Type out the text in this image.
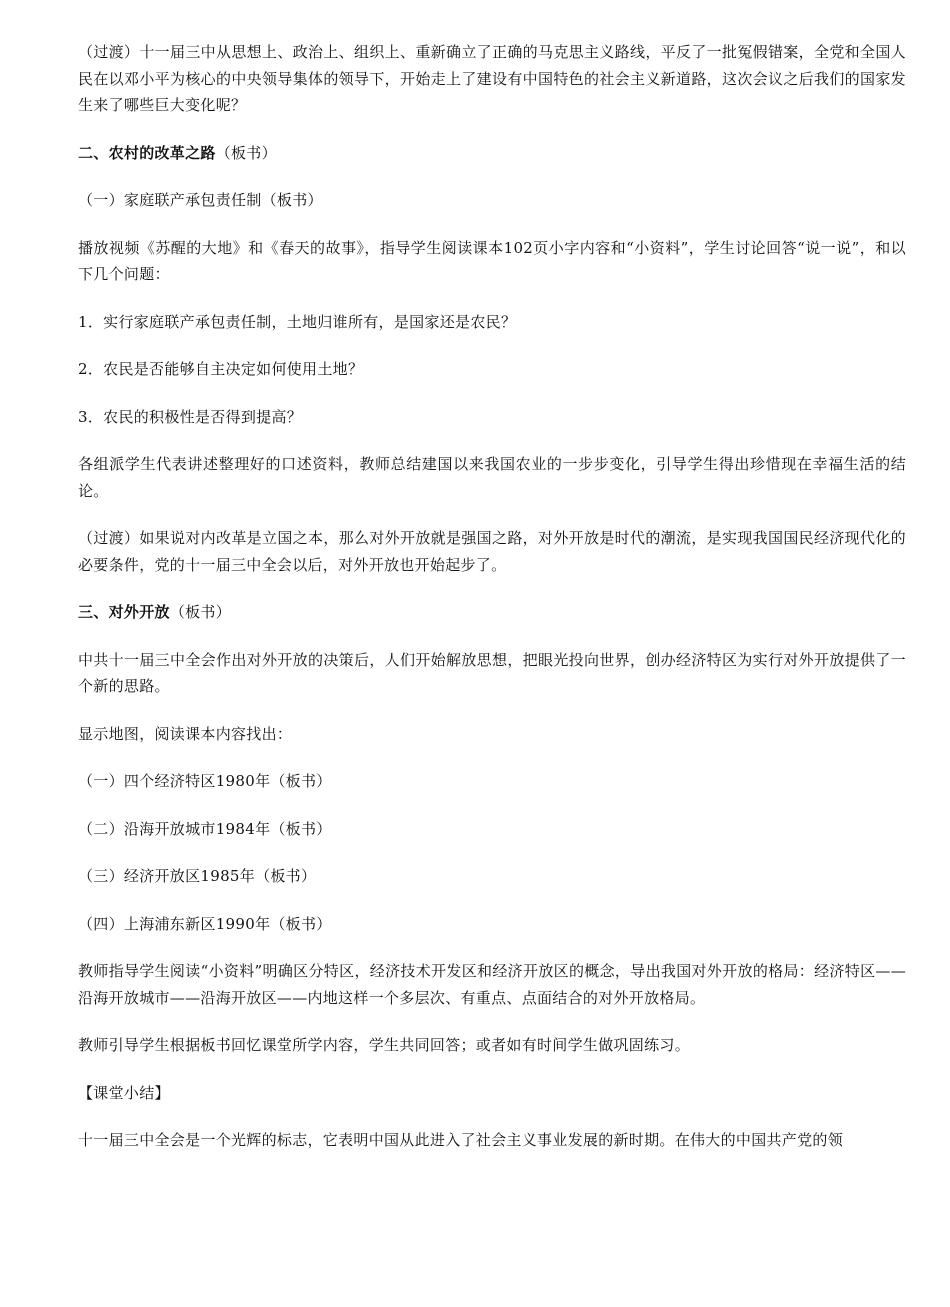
（过渡）十一届三中从思想上、政治上、组织上、重新确立了正确的马克思主义路线，平反了一批冤假错案，全党和全国人民在以邓小平为核心的中央领导集体的领导下，开始走上了建设有中国特色的社会主义新道路，这次会议之后我们的国家发生来了哪些巨大变化呢？

二、农村的改革之路（板书）

（一）家庭联产承包责任制（板书）

播放视频《苏醒的大地》和《春天的故事》，指导学生阅读课本102页小字内容和“小资料”，学生讨论回答“说一说”，和以下几个问题：

1．实行家庭联产承包责任制，土地归谁所有，是国家还是农民？

2．农民是否能够自主决定如何使用土地？

3．农民的积极性是否得到提高？

各组派学生代表讲述整理好的口述资料，教师总结建国以来我国农业的一步步变化，引导学生得出珍惜现在幸福生活的结论。

（过渡）如果说对内改革是立国之本，那么对外开放就是强国之路，对外开放是时代的潮流，是实现我国国民经济现代化的必要条件，党的十一届三中全会以后，对外开放也开始起步了。

三、对外开放（板书）

中共十一届三中全会作出对外开放的决策后，人们开始解放思想，把眼光投向世界，创办经济特区为实行对外开放提供了一个新的思路。

显示地图，阅读课本内容找出：

（一）四个经济特区1980年（板书）

（二）沿海开放城市1984年（板书）

（三）经济开放区1985年（板书）

（四）上海浦东新区1990年（板书）

教师指导学生阅读“小资料”明确区分特区，经济技术开发区和经济开放区的概念，导出我国对外开放的格局：经济特区——沿海开放城市——沿海开放区——内地这样一个多层次、有重点、点面结合的对外开放格局。

教师引导学生根据板书回忆课堂所学内容，学生共同回答；或者如有时间学生做巩固练习。

【课堂小结】

十一届三中全会是一个光辉的标志，它表明中国从此进入了社会主义事业发展的新时期。在伟大的中国共产党的领
